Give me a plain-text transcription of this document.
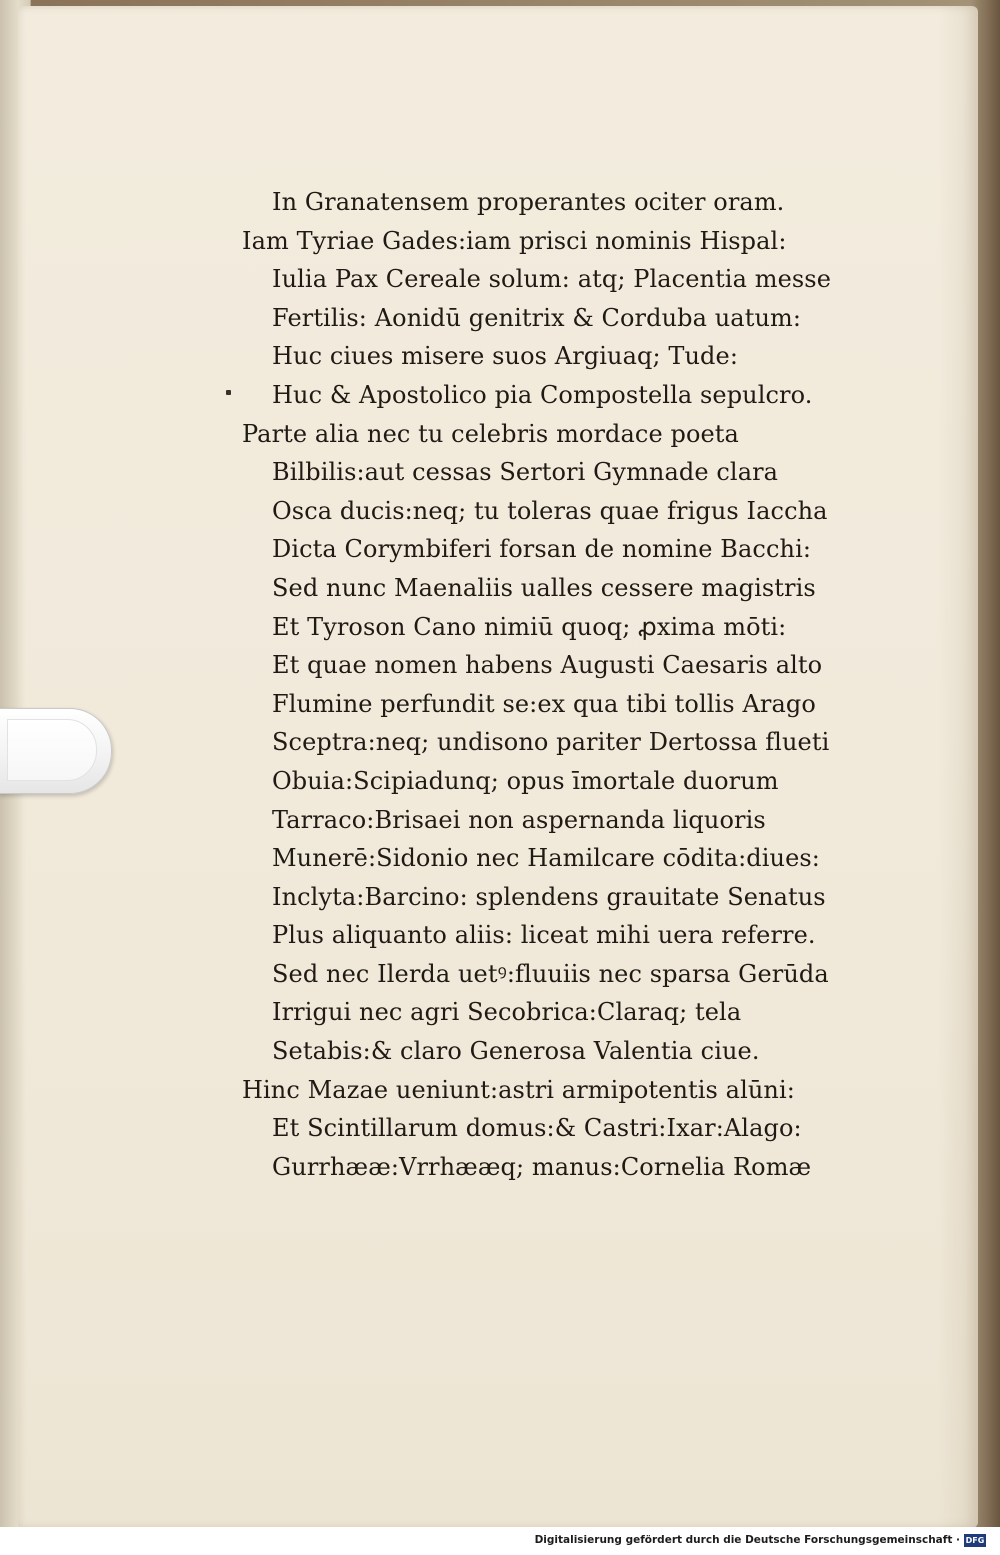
In Granatensem properantes ociter oram.
Iam Tyriae Gades:iam prisci nominis Hispal:
Iulia Pax Cereale solum: atq; Placentia messe
Fertilis: Aonidū genitrix & Corduba uatum:
Huc ciues misere suos Argiuaq; Tude:
Huc & Apostolico pia Compostella sepulcro.
Parte alia nec tu celebris mordace poeta
Bilbilis:aut cessas Sertori Gymnade clara
Osca ducis:neq; tu toleras quae frigus Iaccha
Dicta Corymbiferi forsan de nomine Bacchi:
Sed nunc Maenaliis ualles cessere magistris
Et Tyroson Cano nimiū quoq; ꝓxima mōti:
Et quae nomen habens Augusti Caesaris alto
Flumine perfundit se:ex qua tibi tollis Arago
Sceptra:neq; undisono pariter Dertossa flueti
Obuia:Scipiadunq; opus īmortale duorum
Tarraco:Brisaei non aspernanda liquoris
Munerē:Sidonio nec Hamilcare cōdita:diues:
Inclyta:Barcino: splendens grauitate Senatus
Plus aliquanto aliis: liceat mihi uera referre.
Sed nec Ilerda uetꝰ:fluuiis nec sparsa Gerūda
Irrigui nec agri Secobrica:Claraq; tela
Setabis:& claro Generosa Valentia ciue.
Hinc Mazae ueniunt:astri armipotentis alūni:
Et Scintillarum domus:& Castri:Ixar:Alago:
Gurrhææ:Vrrhææq; manus:Cornelia Romæ
Digitalisierung gefördert durch die Deutsche Forschungsgemeinschaft · DFG
